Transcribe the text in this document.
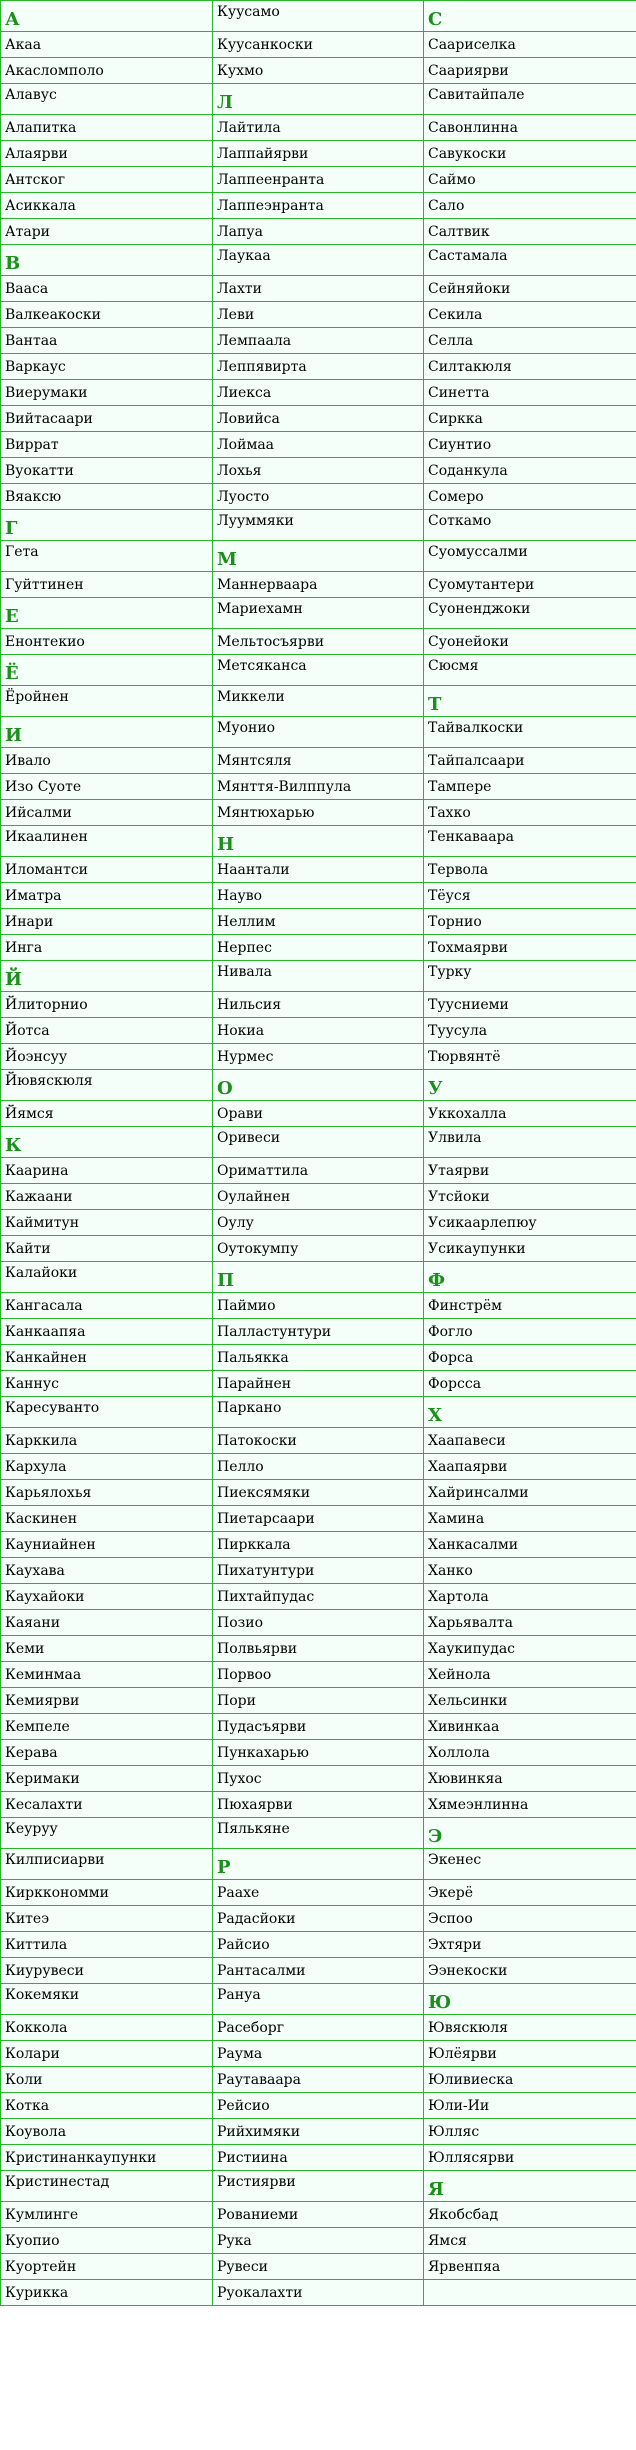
А	Куусамо	С
Акаа	Куусанкоски	Саариселка
Акасломполо	Кухмо	Саариярви
Алавус	Л	Савитайпале
Алапитка	Лайтила	Савонлинна
Алаярви	Лаппайярви	Савукоски
Антског	Лаппеенранта	Саймо
Асиккала	Лаппеэнранта	Сало
Атари	Лапуа	Салтвик
В	Лаукаа	Састамала
Вааса	Лахти	Сейняйоки
Валкеакоски	Леви	Секила
Вантаа	Лемпаала	Селла
Варкаус	Леппявирта	Силтакюля
Виерумаки	Лиекса	Синетта
Вийтасаари	Ловийса	Сиркка
Виррат	Лоймаа	Сиунтио
Вуокатти	Лохья	Соданкула
Вяаксю	Луосто	Сомеро
Г	Лууммяки	Соткамо
Гета	М	Суомуссалми
Гуйттинен	Маннерваара	Суомутантери
Е	Мариехамн	Суоненджоки
Енонтекио	Мельтосъярви	Суонейоки
Ё	Метсяканса	Сюсмя
Ёройнен	Миккели	Т
И	Муонио	Тайвалкоски
Ивало	Мянтсяля	Тайпалсаари
Изо Суоте	Мянття-Вилппула	Тампере
Ийсалми	Мянтюхарью	Тахко
Икаалинен	Н	Тенкаваара
Иломантси	Наантали	Тервола
Иматра	Науво	Тёуся
Инари	Неллим	Торнио
Инга	Нерпес	Тохмаярви
Й	Нивала	Турку
Йлиторнио	Нильсия	Туусниеми
Йотса	Нокиа	Туусула
Йоэнсуу	Нурмес	Тюрвянтё
Йювяскюля	О	У
Йямся	Орави	Уккохалла
К	Оривеси	Улвила
Каарина	Ориматтила	Утаярви
Кажаани	Оулайнен	Утсйоки
Каймитун	Оулу	Усикаарлепюу
Кайти	Оутокумпу	Усикаупунки
Калайоки	П	Ф
Кангасала	Паймио	Финстрём
Канкаапяа	Палластунтури	Фогло
Канкайнен	Пальякка	Форса
Каннус	Парайнен	Форсса
Каресуванто	Паркано	Х
Карккила	Патокоски	Хаапавеси
Кархула	Пелло	Хаапаярви
Карьялохья	Пиексямяки	Хайринсалми
Каскинен	Пиетарсаари	Хамина
Кауниайнен	Пирккала	Ханкасалми
Каухава	Пихатунтури	Ханко
Каухайоки	Пихтайпудас	Хартола
Каяани	Позио	Харьявалта
Кеми	Полвьярви	Хаукипудас
Кеминмаа	Порвоо	Хейнола
Кемиярви	Пори	Хельсинки
Кемпеле	Пудасъярви	Хивинкаа
Керава	Пункахарью	Холлола
Керимаки	Пухос	Хювинкяа
Кесалахти	Пюхаярви	Хямеэнлинна
Кеуруу	Пялькяне	Э
Килписиарви	Р	Экенес
Кирккономми	Раахе	Экерё
Китеэ	Радасйоки	Эспоо
Киттила	Райсио	Эхтяри
Киурувеси	Рантасалми	Ээнекоски
Кокемяки	Рануа	Ю
Коккола	Расеборг	Ювяскюля
Колари	Раума	Юлёярви
Коли	Раутаваара	Юливиеска
Котка	Рейсио	Юли-Ии
Коувола	Рийхимяки	Юлляс
Кристинанкаупунки	Ристиина	Юллясярви
Кристинестад	Ристиярви	Я
Кумлинге	Рованиеми	Якобсбад
Куопио	Рука	Ямся
Куортейн	Рувеси	Ярвенпяа
Курикка	Руокалахти	
